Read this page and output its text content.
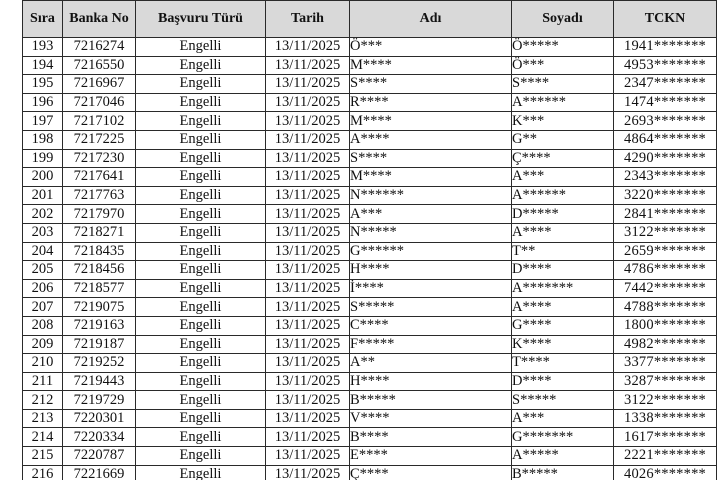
Sıra	Banka No	Başvuru Türü	Tarih	Adı	Soyadı	TCKN
193	7216274	Engelli	13/11/2025	Ö***	Ö*****	1941*******
194	7216550	Engelli	13/11/2025	M****	Ö***	4953*******
195	7216967	Engelli	13/11/2025	S****	S****	2347*******
196	7217046	Engelli	13/11/2025	R****	A******	1474*******
197	7217102	Engelli	13/11/2025	M****	K***	2693*******
198	7217225	Engelli	13/11/2025	A****	G**	4864*******
199	7217230	Engelli	13/11/2025	S****	Ç****	4290*******
200	7217641	Engelli	13/11/2025	M****	A***	2343*******
201	7217763	Engelli	13/11/2025	N******	A******	3220*******
202	7217970	Engelli	13/11/2025	A***	D*****	2841*******
203	7218271	Engelli	13/11/2025	N*****	A****	3122*******
204	7218435	Engelli	13/11/2025	G******	T**	2659*******
205	7218456	Engelli	13/11/2025	H****	D****	4786*******
206	7218577	Engelli	13/11/2025	İ****	A*******	7442*******
207	7219075	Engelli	13/11/2025	S*****	A****	4788*******
208	7219163	Engelli	13/11/2025	C****	G****	1800*******
209	7219187	Engelli	13/11/2025	F*****	K****	4982*******
210	7219252	Engelli	13/11/2025	A**	T****	3377*******
211	7219443	Engelli	13/11/2025	H****	D****	3287*******
212	7219729	Engelli	13/11/2025	B*****	S*****	3122*******
213	7220301	Engelli	13/11/2025	V****	A***	1338*******
214	7220334	Engelli	13/11/2025	B****	G*******	1617*******
215	7220787	Engelli	13/11/2025	E****	A*****	2221*******
216	7221669	Engelli	13/11/2025	Ç****	B*****	4026*******
